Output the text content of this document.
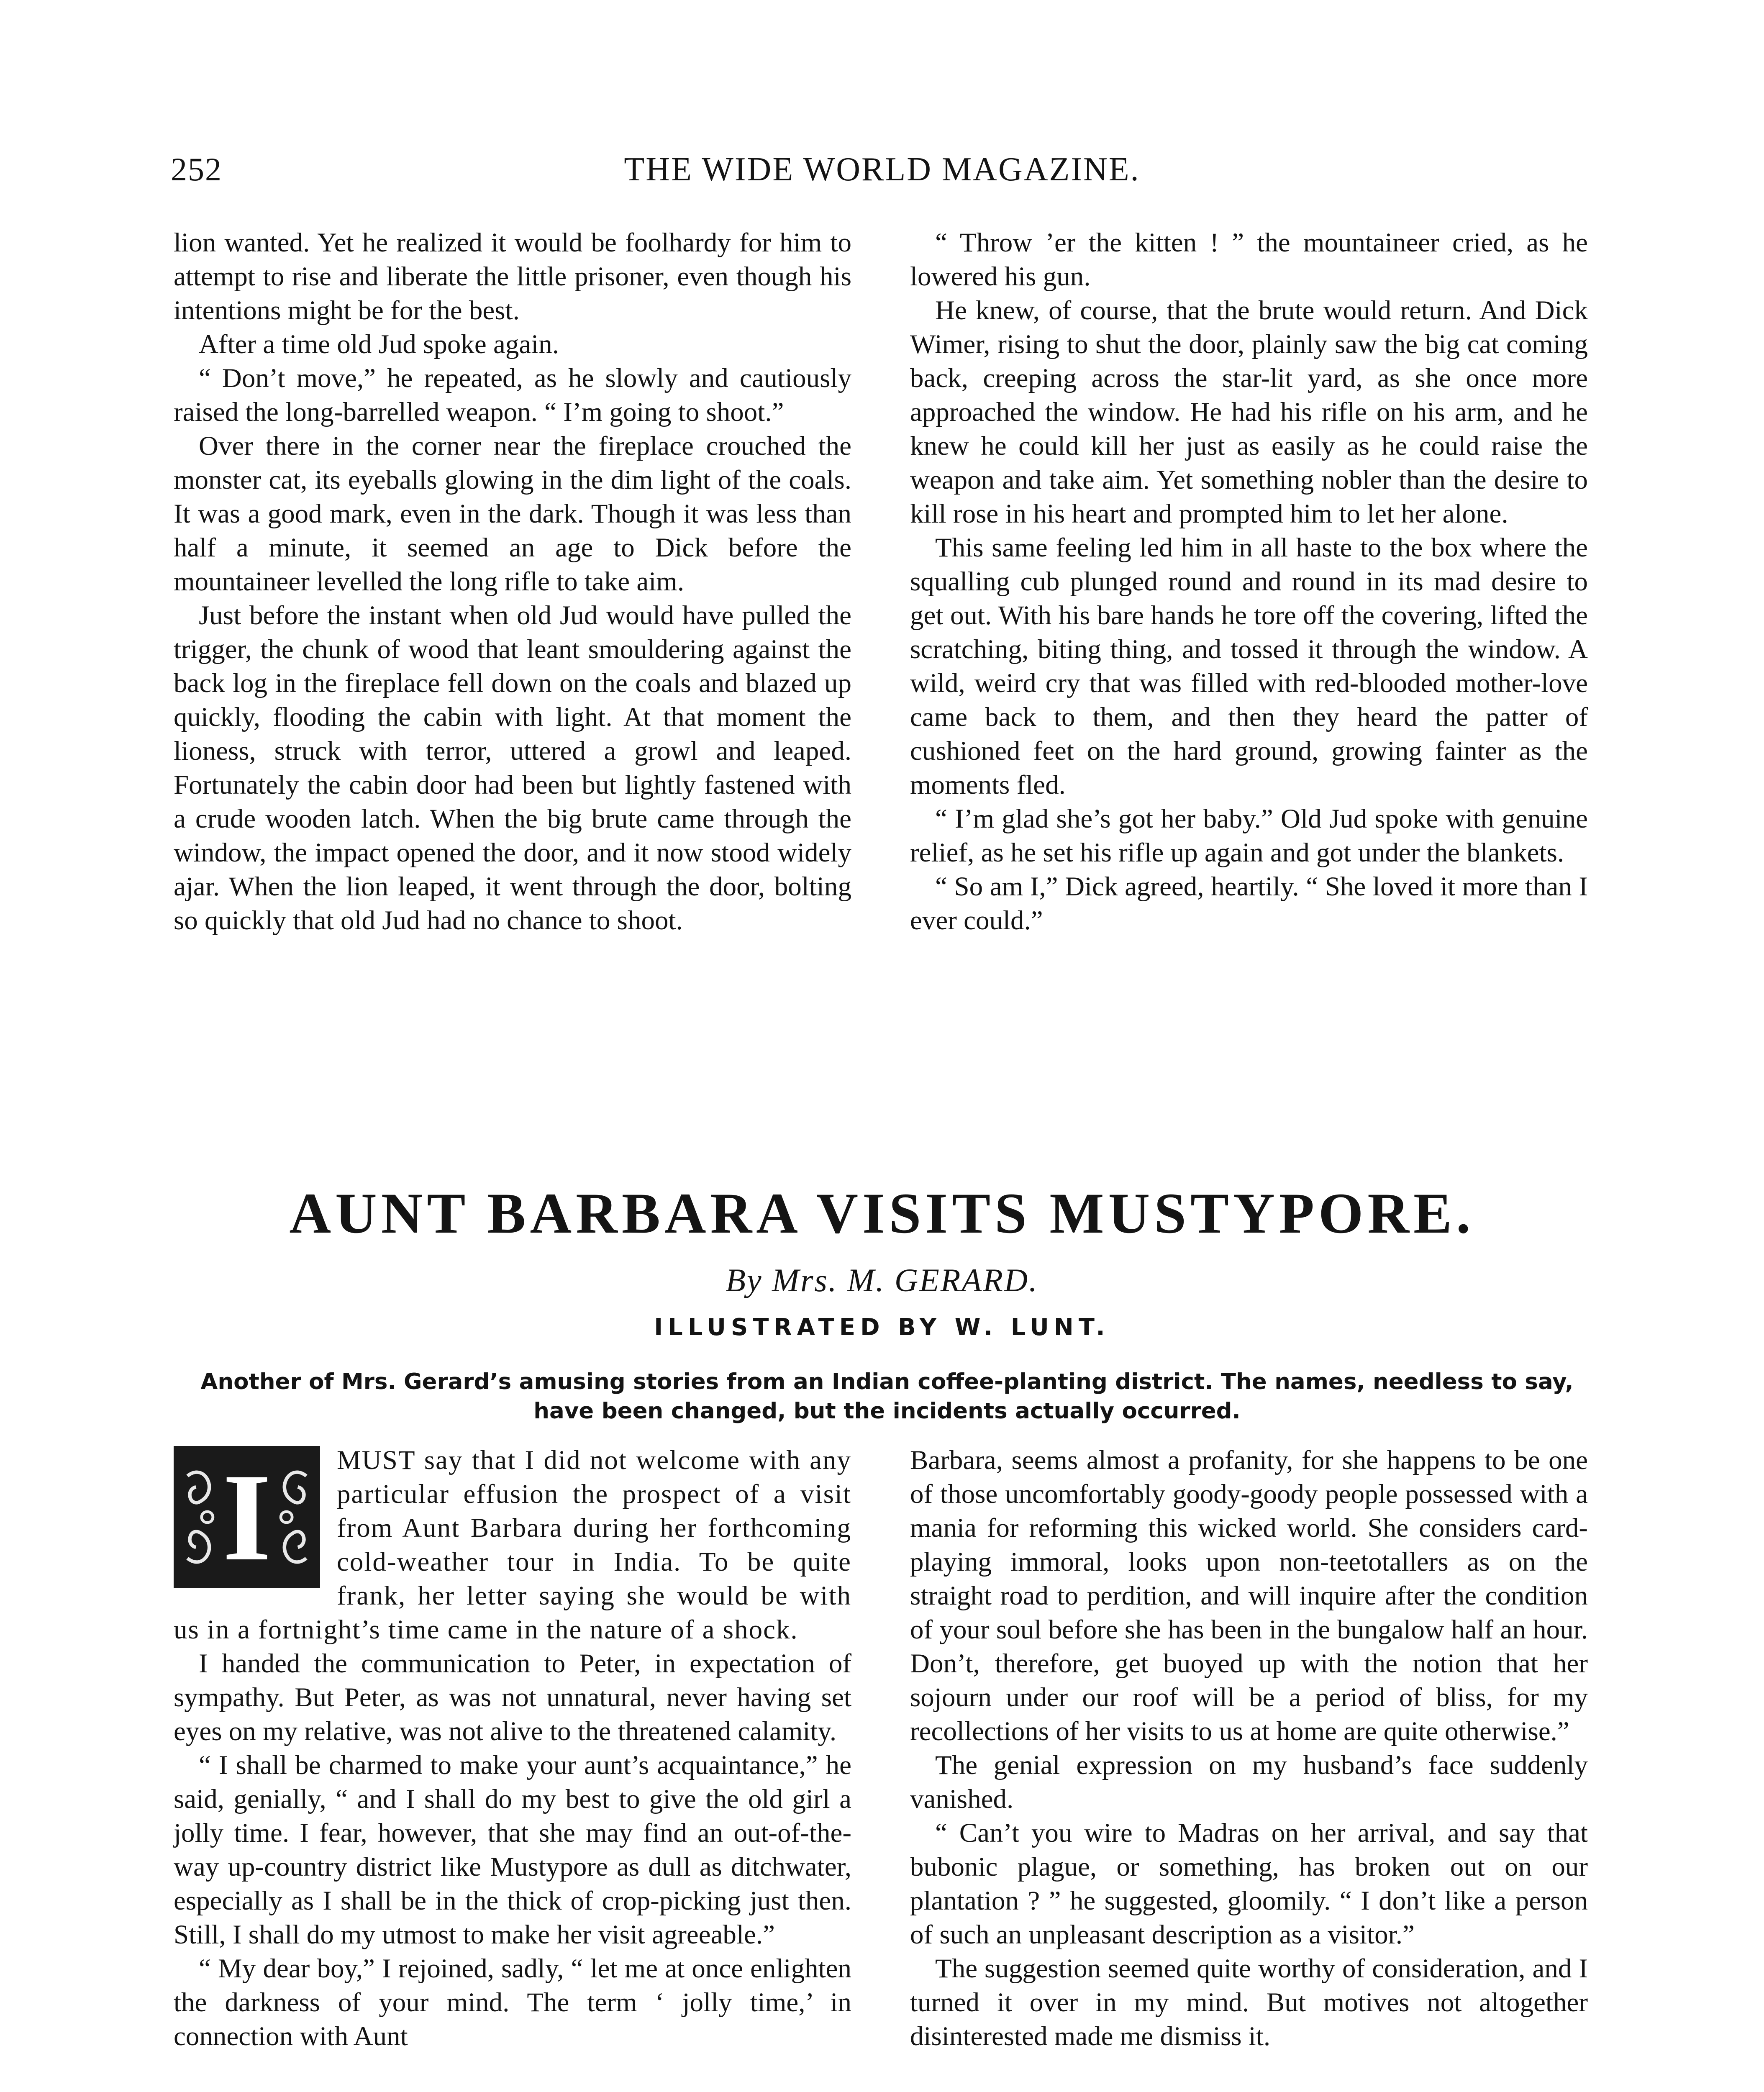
252	THE WIDE WORLD MAGAZINE.

lion wanted. Yet he realized it would be foolhardy for him to attempt to rise and liberate the little prisoner, even though his intentions might be for the best.

After a time old Jud spoke again.

“ Don’t move,” he repeated, as he slowly and cautiously raised the long-barrelled weapon. “ I’m going to shoot.”

Over there in the corner near the fireplace crouched the monster cat, its eyeballs glowing in the dim light of the coals. It was a good mark, even in the dark. Though it was less than half a minute, it seemed an age to Dick before the mountaineer levelled the long rifle to take aim.

Just before the instant when old Jud would have pulled the trigger, the chunk of wood that leant smouldering against the back log in the fireplace fell down on the coals and blazed up quickly, flooding the cabin with light. At that moment the lioness, struck with terror, uttered a growl and leaped. Fortunately the cabin door had been but lightly fastened with a crude wooden latch. When the big brute came through the window, the impact opened the door, and it now stood widely ajar. When the lion leaped, it went through the door, bolting so quickly that old Jud had no chance to shoot.

“ Throw ’er the kitten ! ” the mountaineer cried, as he lowered his gun.

He knew, of course, that the brute would return. And Dick Wimer, rising to shut the door, plainly saw the big cat coming back, creeping across the star-lit yard, as she once more approached the window. He had his rifle on his arm, and he knew he could kill her just as easily as he could raise the weapon and take aim. Yet something nobler than the desire to kill rose in his heart and prompted him to let her alone.

This same feeling led him in all haste to the box where the squalling cub plunged round and round in its mad desire to get out. With his bare hands he tore off the covering, lifted the scratching, biting thing, and tossed it through the window. A wild, weird cry that was filled with red-blooded mother-love came back to them, and then they heard the patter of cushioned feet on the hard ground, growing fainter as the moments fled.

“ I’m glad she’s got her baby.” Old Jud spoke with genuine relief, as he set his rifle up again and got under the blankets.

“ So am I,” Dick agreed, heartily. “ She loved it more than I ever could.”

AUNT BARBARA VISITS MUSTYPORE.
By Mrs. M. GERARD.
ILLUSTRATED BY W. LUNT.
Another of Mrs. Gerard’s amusing stories from an Indian coffee-planting district. The names, needless to say, have been changed, but the incidents actually occurred.
I	MUST say that I did not welcome with any particular effusion the prospect of a visit from Aunt Barbara during her forthcoming cold-weather tour in India. To be quite frank, her letter saying she would be with us in a fortnight’s time came in the nature of a shock.

I handed the communication to Peter, in expectation of sympathy. But Peter, as was not unnatural, never having set eyes on my relative, was not alive to the threatened calamity.

“ I shall be charmed to make your aunt’s acquaintance,” he said, genially, “ and I shall do my best to give the old girl a jolly time. I fear, however, that she may find an out-of-the-way up-country district like Mustypore as dull as ditchwater, especially as I shall be in the thick of crop-picking just then. Still, I shall do my utmost to make her visit agreeable.”

“ My dear boy,” I rejoined, sadly, “ let me at once enlighten the darkness of your mind. The term ‘ jolly time,’ in connection with Aunt

Barbara, seems almost a profanity, for she happens to be one of those uncomfortably goody-goody people possessed with a mania for reforming this wicked world. She considers card-playing immoral, looks upon non-teetotallers as on the straight road to perdition, and will inquire after the condition of your soul before she has been in the bungalow half an hour. Don’t, therefore, get buoyed up with the notion that her sojourn under our roof will be a period of bliss, for my recollections of her visits to us at home are quite otherwise.”

The genial expression on my husband’s face suddenly vanished.

“ Can’t you wire to Madras on her arrival, and say that bubonic plague, or something, has broken out on our plantation ? ” he suggested, gloomily. “ I don’t like a person of such an unpleasant description as a visitor.”

The suggestion seemed quite worthy of consideration, and I turned it over in my mind. But motives not altogether disinterested made me dismiss it.
